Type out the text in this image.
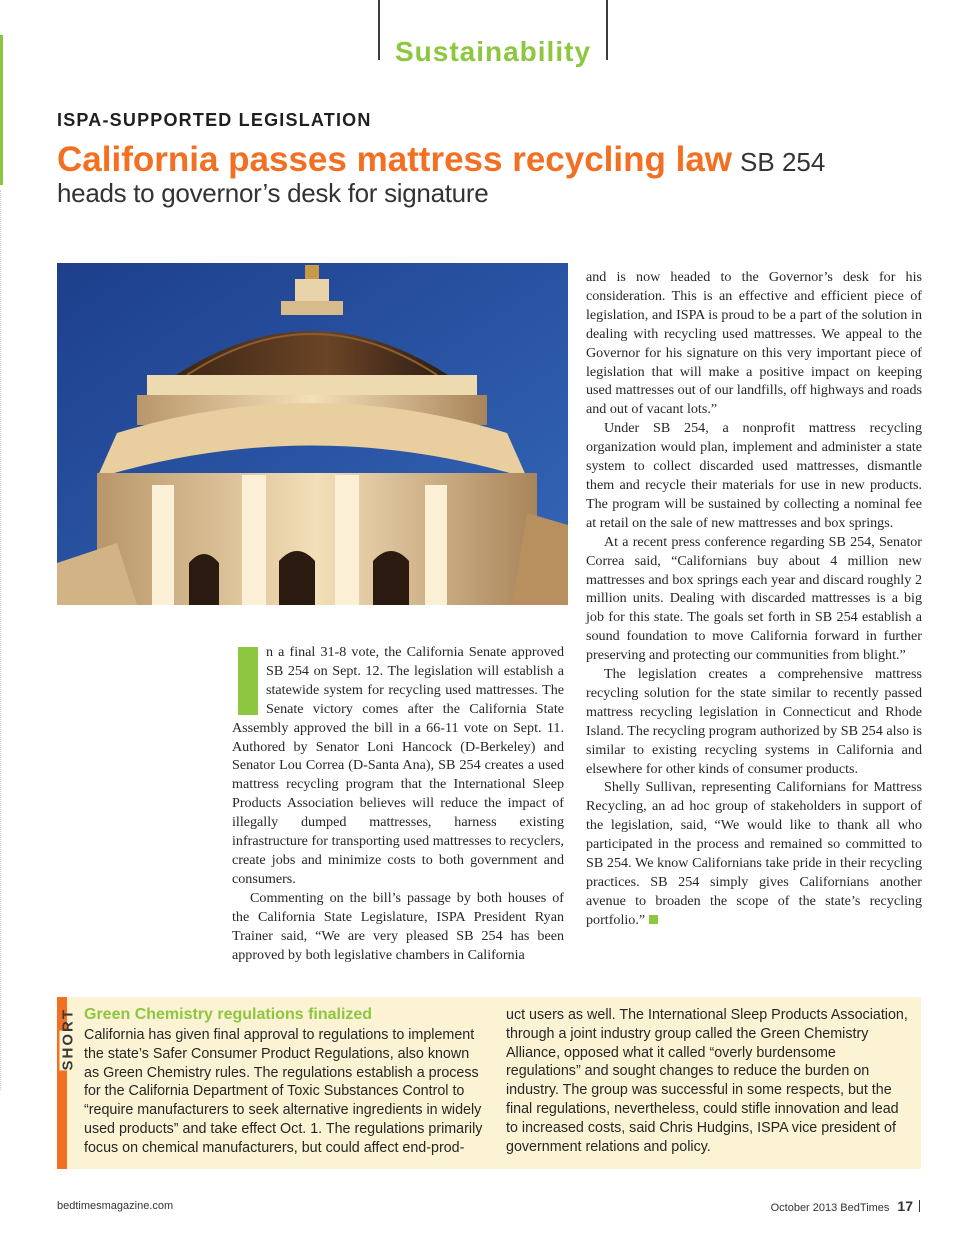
Sustainability
ISPA-SUPPORTED LEGISLATION
California passes mattress recycling law SB 254
heads to governor’s desk for signature

n a final 31-8 vote, the California Senate approved SB 254 on Sept. 12. The legislation will establish a statewide system for recycling used mattresses. The Senate victory comes after the California State Assembly approved the bill in a 66-11 vote on Sept. 11. Authored by Senator Loni Hancock (D-Berkeley) and Senator Lou Correa (D-Santa Ana), SB 254 creates a used mattress recycling program that the International Sleep Products Association believes will reduce the impact of illegally dumped mattresses, harness existing infrastructure for transporting used mattresses to recyclers, create jobs and minimize costs to both government and consumers.

Commenting on the bill’s passage by both houses of the California State Legislature, ISPA President Ryan Trainer said, “We are very pleased SB 254 has been approved by both legislative chambers in California

and is now headed to the Governor’s desk for his consideration. This is an effective and efficient piece of legislation, and ISPA is proud to be a part of the solution in dealing with recycling used mattresses. We appeal to the Governor for his signature on this very important piece of legislation that will make a positive impact on keeping used mattresses out of our landfills, off highways and roads and out of vacant lots.”

Under SB 254, a nonprofit mattress recycling organization would plan, implement and administer a state system to collect discarded used mattresses, dismantle them and recycle their materials for use in new products. The program will be sustained by collecting a nominal fee at retail on the sale of new mattresses and box springs.

At a recent press conference regarding SB 254, Senator Correa said, “Californians buy about 4 million new mattresses and box springs each year and discard roughly 2 million units. Dealing with discarded mattresses is a big job for this state. The goals set forth in SB 254 establish a sound foundation to move California forward in further preserving and protecting our communities from blight.”

The legislation creates a comprehensive mattress recycling solution for the state similar to recently passed mattress recycling legislation in Connecticut and Rhode Island. The recycling program authorized by SB 254 also is similar to existing recycling systems in California and elsewhere for other kinds of consumer products.

Shelly Sullivan, representing Californians for Mattress Recycling, an ad hoc group of stakeholders in support of the legislation, said, “We would like to thank all who participated in the process and remained so committed to SB 254. We know Californians take pride in their recycling practices. SB 254 simply gives Californians another avenue to broaden the scope of the state’s recycling portfolio.”

SHORT Green Chemistry regulations finalized
California has given final approval to regulations to implement the state’s Safer Consumer Product Regulations, also known as Green Chemistry rules. The regulations establish a process for the California Department of Toxic Substances Control to “require manufacturers to seek alternative ingredients in widely used products” and take effect Oct. 1. The regulations primarily focus on chemical manufacturers, but could affect end-prod-
uct users as well. The International Sleep Products Association, through a joint industry group called the Green Chemistry Alliance, opposed what it called “overly burdensome regulations” and sought changes to reduce the burden on industry. The group was successful in some respects, but the final regulations, nevertheless, could stifle innovation and lead to increased costs, said Chris Hudgins, ISPA vice president of government relations and policy.
bedtimesmagazine.com	October 2013 BedTimes 17
